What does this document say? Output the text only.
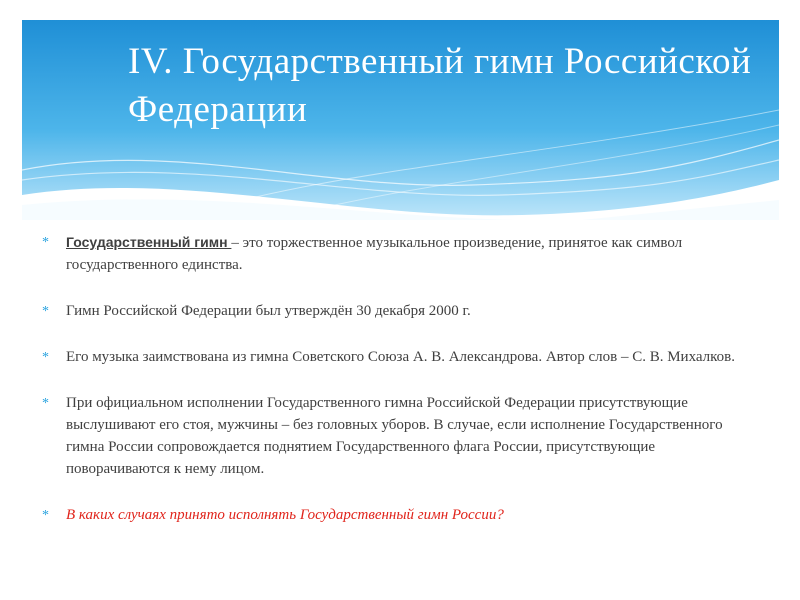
IV. Государственный гимн Российской Федерации
* Государственный гимн – это торжественное музыкальное произведение, принятое как символ государственного единства.

* Гимн Российской Федерации был утверждён 30 декабря 2000 г.

* Его музыка заимствована из гимна Советского Союза А. В. Александрова. Автор слов – С. В. Михалков.

* При официальном исполнении Государственного гимна Российской Федерации присутствующие выслушивают его стоя, мужчины – без головных уборов. В случае, если исполнение Государственного гимна России сопровождается поднятием Государственного флага России, присутствующие поворачиваются к нему лицом.

* В каких случаях принято исполнять Государственный гимн России?
